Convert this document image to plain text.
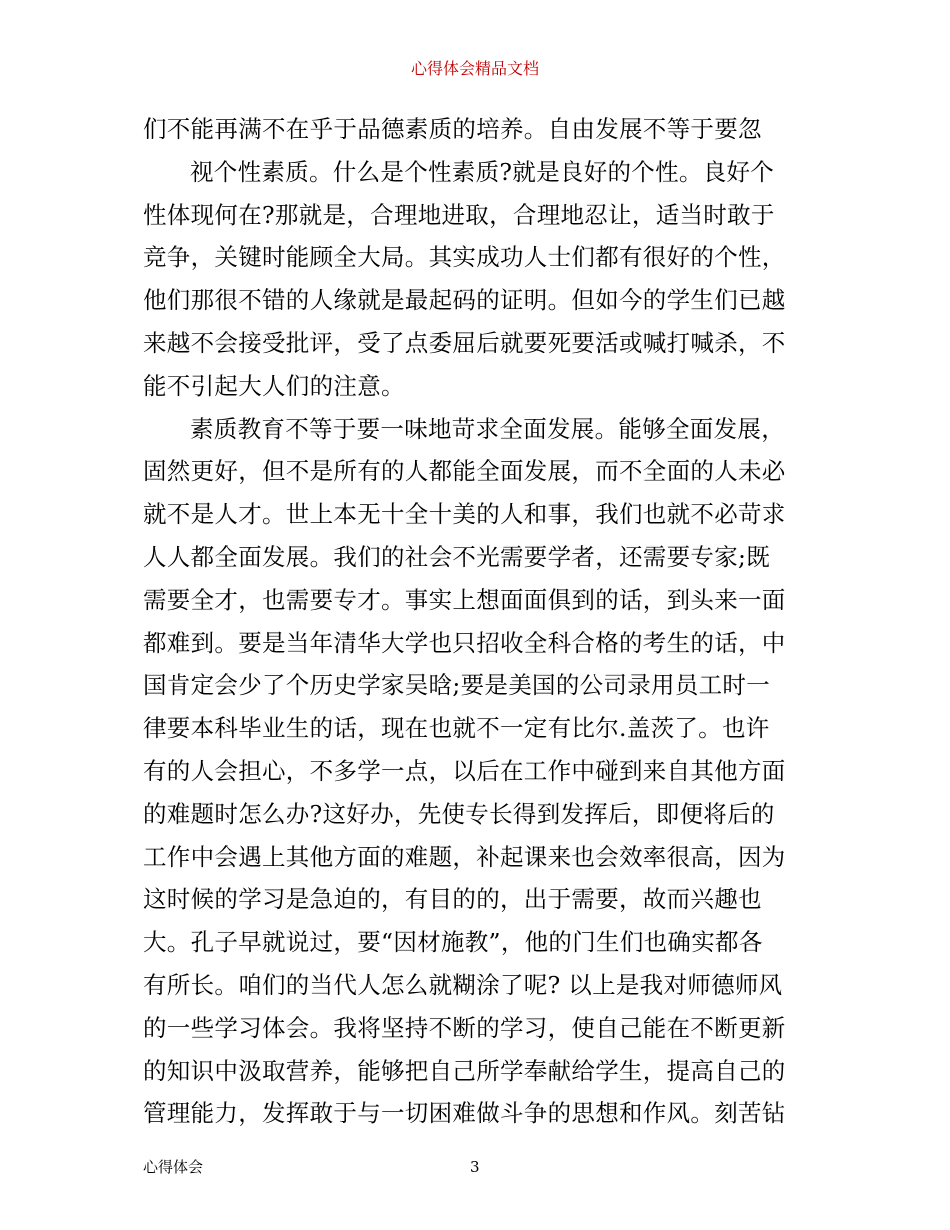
心得体会精品文档
们不能再满不在乎于品德素质的培养。自由发展不等于要忽
视个性素质。什么是个性素质?就是良好的个性。良好个
性体现何在?那就是，合理地进取，合理地忍让，适当时敢于
竞争，关键时能顾全大局。其实成功人士们都有很好的个性，
他们那很不错的人缘就是最起码的证明。但如今的学生们已越
来越不会接受批评，受了点委屈后就要死要活或喊打喊杀，不
能不引起大人们的注意。
素质教育不等于要一味地苛求全面发展。能够全面发展，
固然更好，但不是所有的人都能全面发展，而不全面的人未必
就不是人才。世上本无十全十美的人和事，我们也就不必苛求
人人都全面发展。我们的社会不光需要学者，还需要专家;既
需要全才，也需要专才。事实上想面面俱到的话，到头来一面
都难到。要是当年清华大学也只招收全科合格的考生的话，中
国肯定会少了个历史学家吴晗;要是美国的公司录用员工时一
律要本科毕业生的话，现在也就不一定有比尔.盖茨了。也许
有的人会担心，不多学一点，以后在工作中碰到来自其他方面
的难题时怎么办?这好办，先使专长得到发挥后，即便将后的
工作中会遇上其他方面的难题，补起课来也会效率很高，因为
这时候的学习是急迫的，有目的的，出于需要，故而兴趣也
大。孔子早就说过，要“因材施教”，他的门生们也确实都各
有所长。咱们的当代人怎么就糊涂了呢? 以上是我对师德师风
的一些学习体会。我将坚持不断的学习，使自己能在不断更新
的知识中汲取营养，能够把自己所学奉献给学生，提高自己的
管理能力，发挥敢于与一切困难做斗争的思想和作风。刻苦钻
心得体会	3
